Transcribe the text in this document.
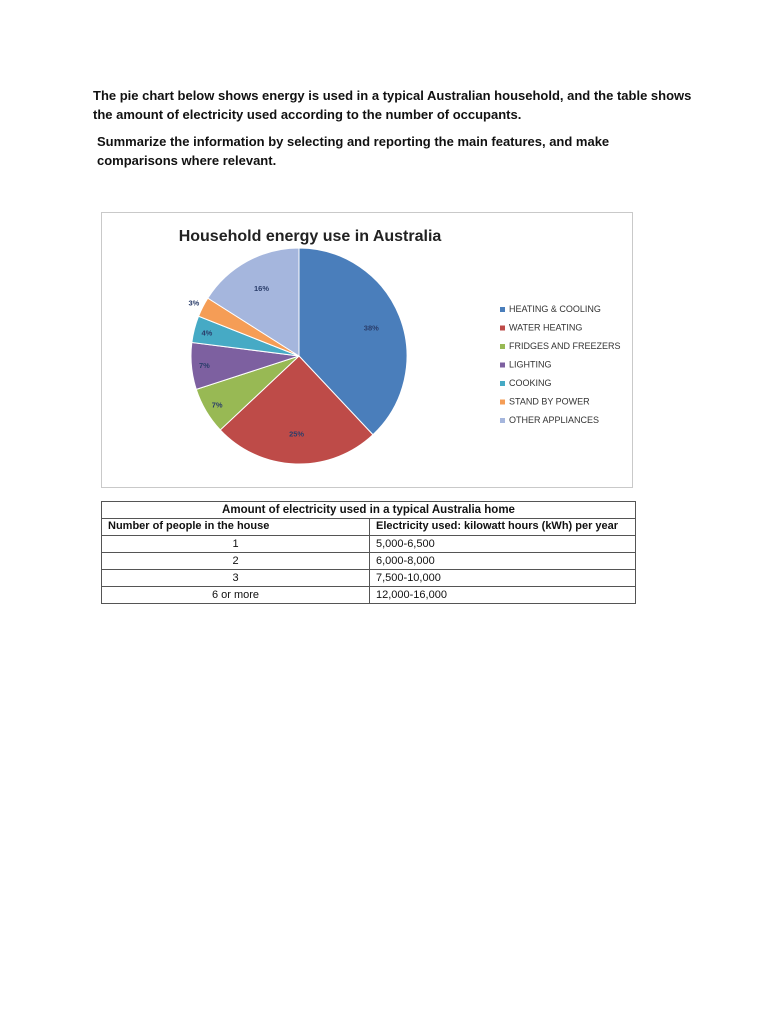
The pie chart below shows energy is used in a typical Australian household, and the table shows the amount of electricity used according to the number of occupants.

Summarize the information by selecting and reporting the main features, and make comparisons where relevant.

Household energy use in Australia
38%
25%
7%
7%
4%
3%
16%
HEATING & COOLING
WATER HEATING
FRIDGES AND FREEZERS
LIGHTING
COOKING
STAND BY POWER
OTHER APPLIANCES
Amount of electricity used in a typical Australia home	
Number of people in the house	Electricity used: kilowatt hours (kWh) per year
1	5,000-6,500
2	6,000-8,000
3	7,500-10,000
6 or more	12,000-16,000
